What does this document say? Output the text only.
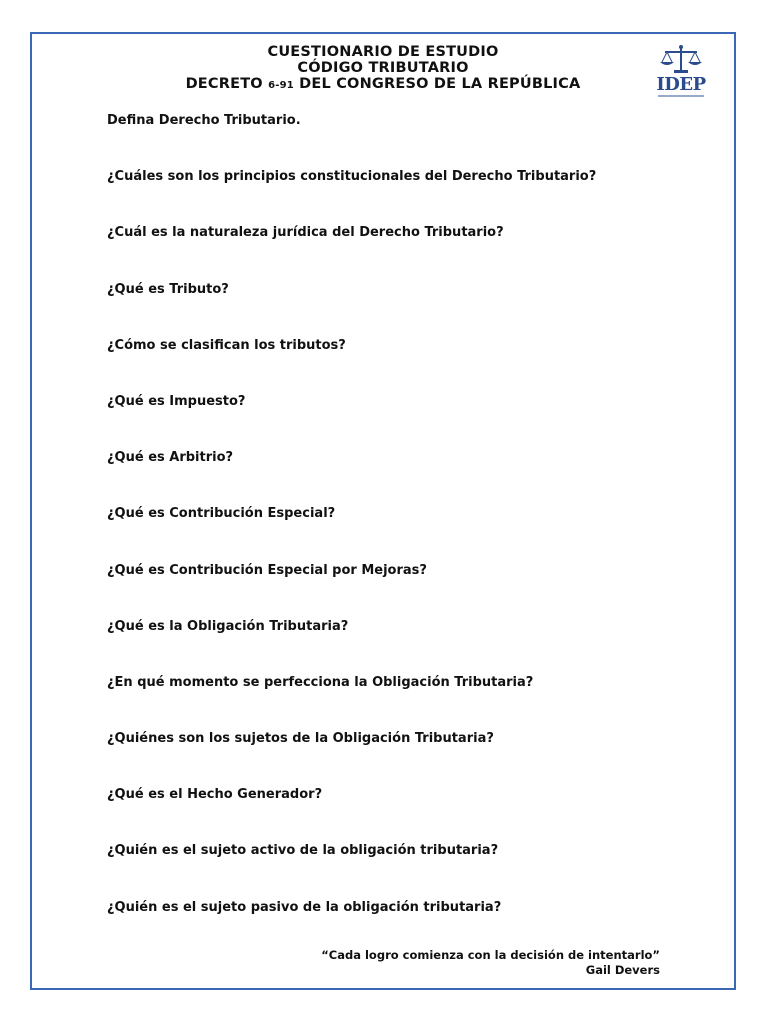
CUESTIONARIO DE ESTUDIO
CÓDIGO TRIBUTARIO
DECRETO 6-91 DEL CONGRESO DE LA REPÚBLICA	IDEP
Defina Derecho Tributario.
¿Cuáles son los principios constitucionales del Derecho Tributario?
¿Cuál es la naturaleza jurídica del Derecho Tributario?
¿Qué es Tributo?
¿Cómo se clasifican los tributos?
¿Qué es Impuesto?
¿Qué es Arbitrio?
¿Qué es Contribución Especial?
¿Qué es Contribución Especial por Mejoras?
¿Qué es la Obligación Tributaria?
¿En qué momento se perfecciona la Obligación Tributaria?
¿Quiénes son los sujetos de la Obligación Tributaria?
¿Qué es el Hecho Generador?
¿Quién es el sujeto activo de la obligación tributaria?
¿Quién es el sujeto pasivo de la obligación tributaria?
“Cada logro comienza con la decisión de intentarlo”
Gail Devers
